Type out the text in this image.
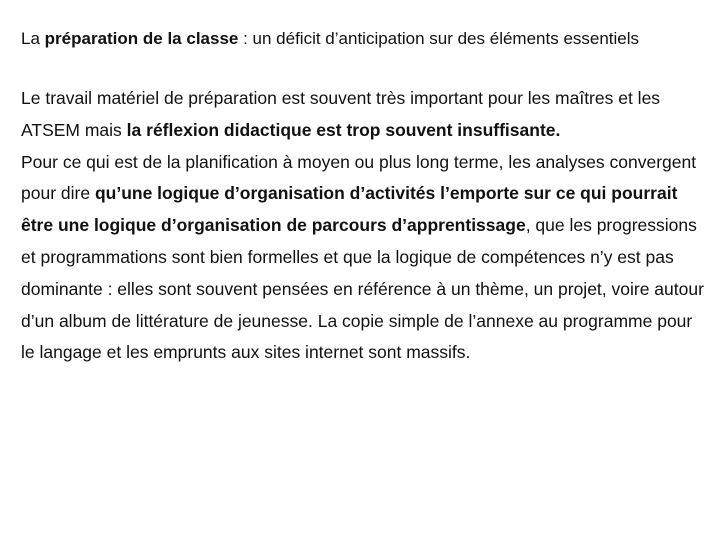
La préparation de la classe : un déficit d’anticipation sur des éléments essentiels

Le travail matériel de préparation est souvent très important pour les maîtres et les ATSEM mais la réflexion didactique est trop souvent insuffisante.

Pour ce qui est de la planification à moyen ou plus long terme, les analyses convergent pour dire qu’une logique d’organisation d’activités l’emporte sur ce qui pourrait être une logique d’organisation de parcours d’apprentissage, que les progressions et programmations sont bien formelles et que la logique de compétences n’y est pas dominante : elles sont souvent pensées en référence à un thème, un projet, voire autour d’un album de littérature de jeunesse. La copie simple de l’annexe au programme pour le langage et les emprunts aux sites internet sont massifs.
